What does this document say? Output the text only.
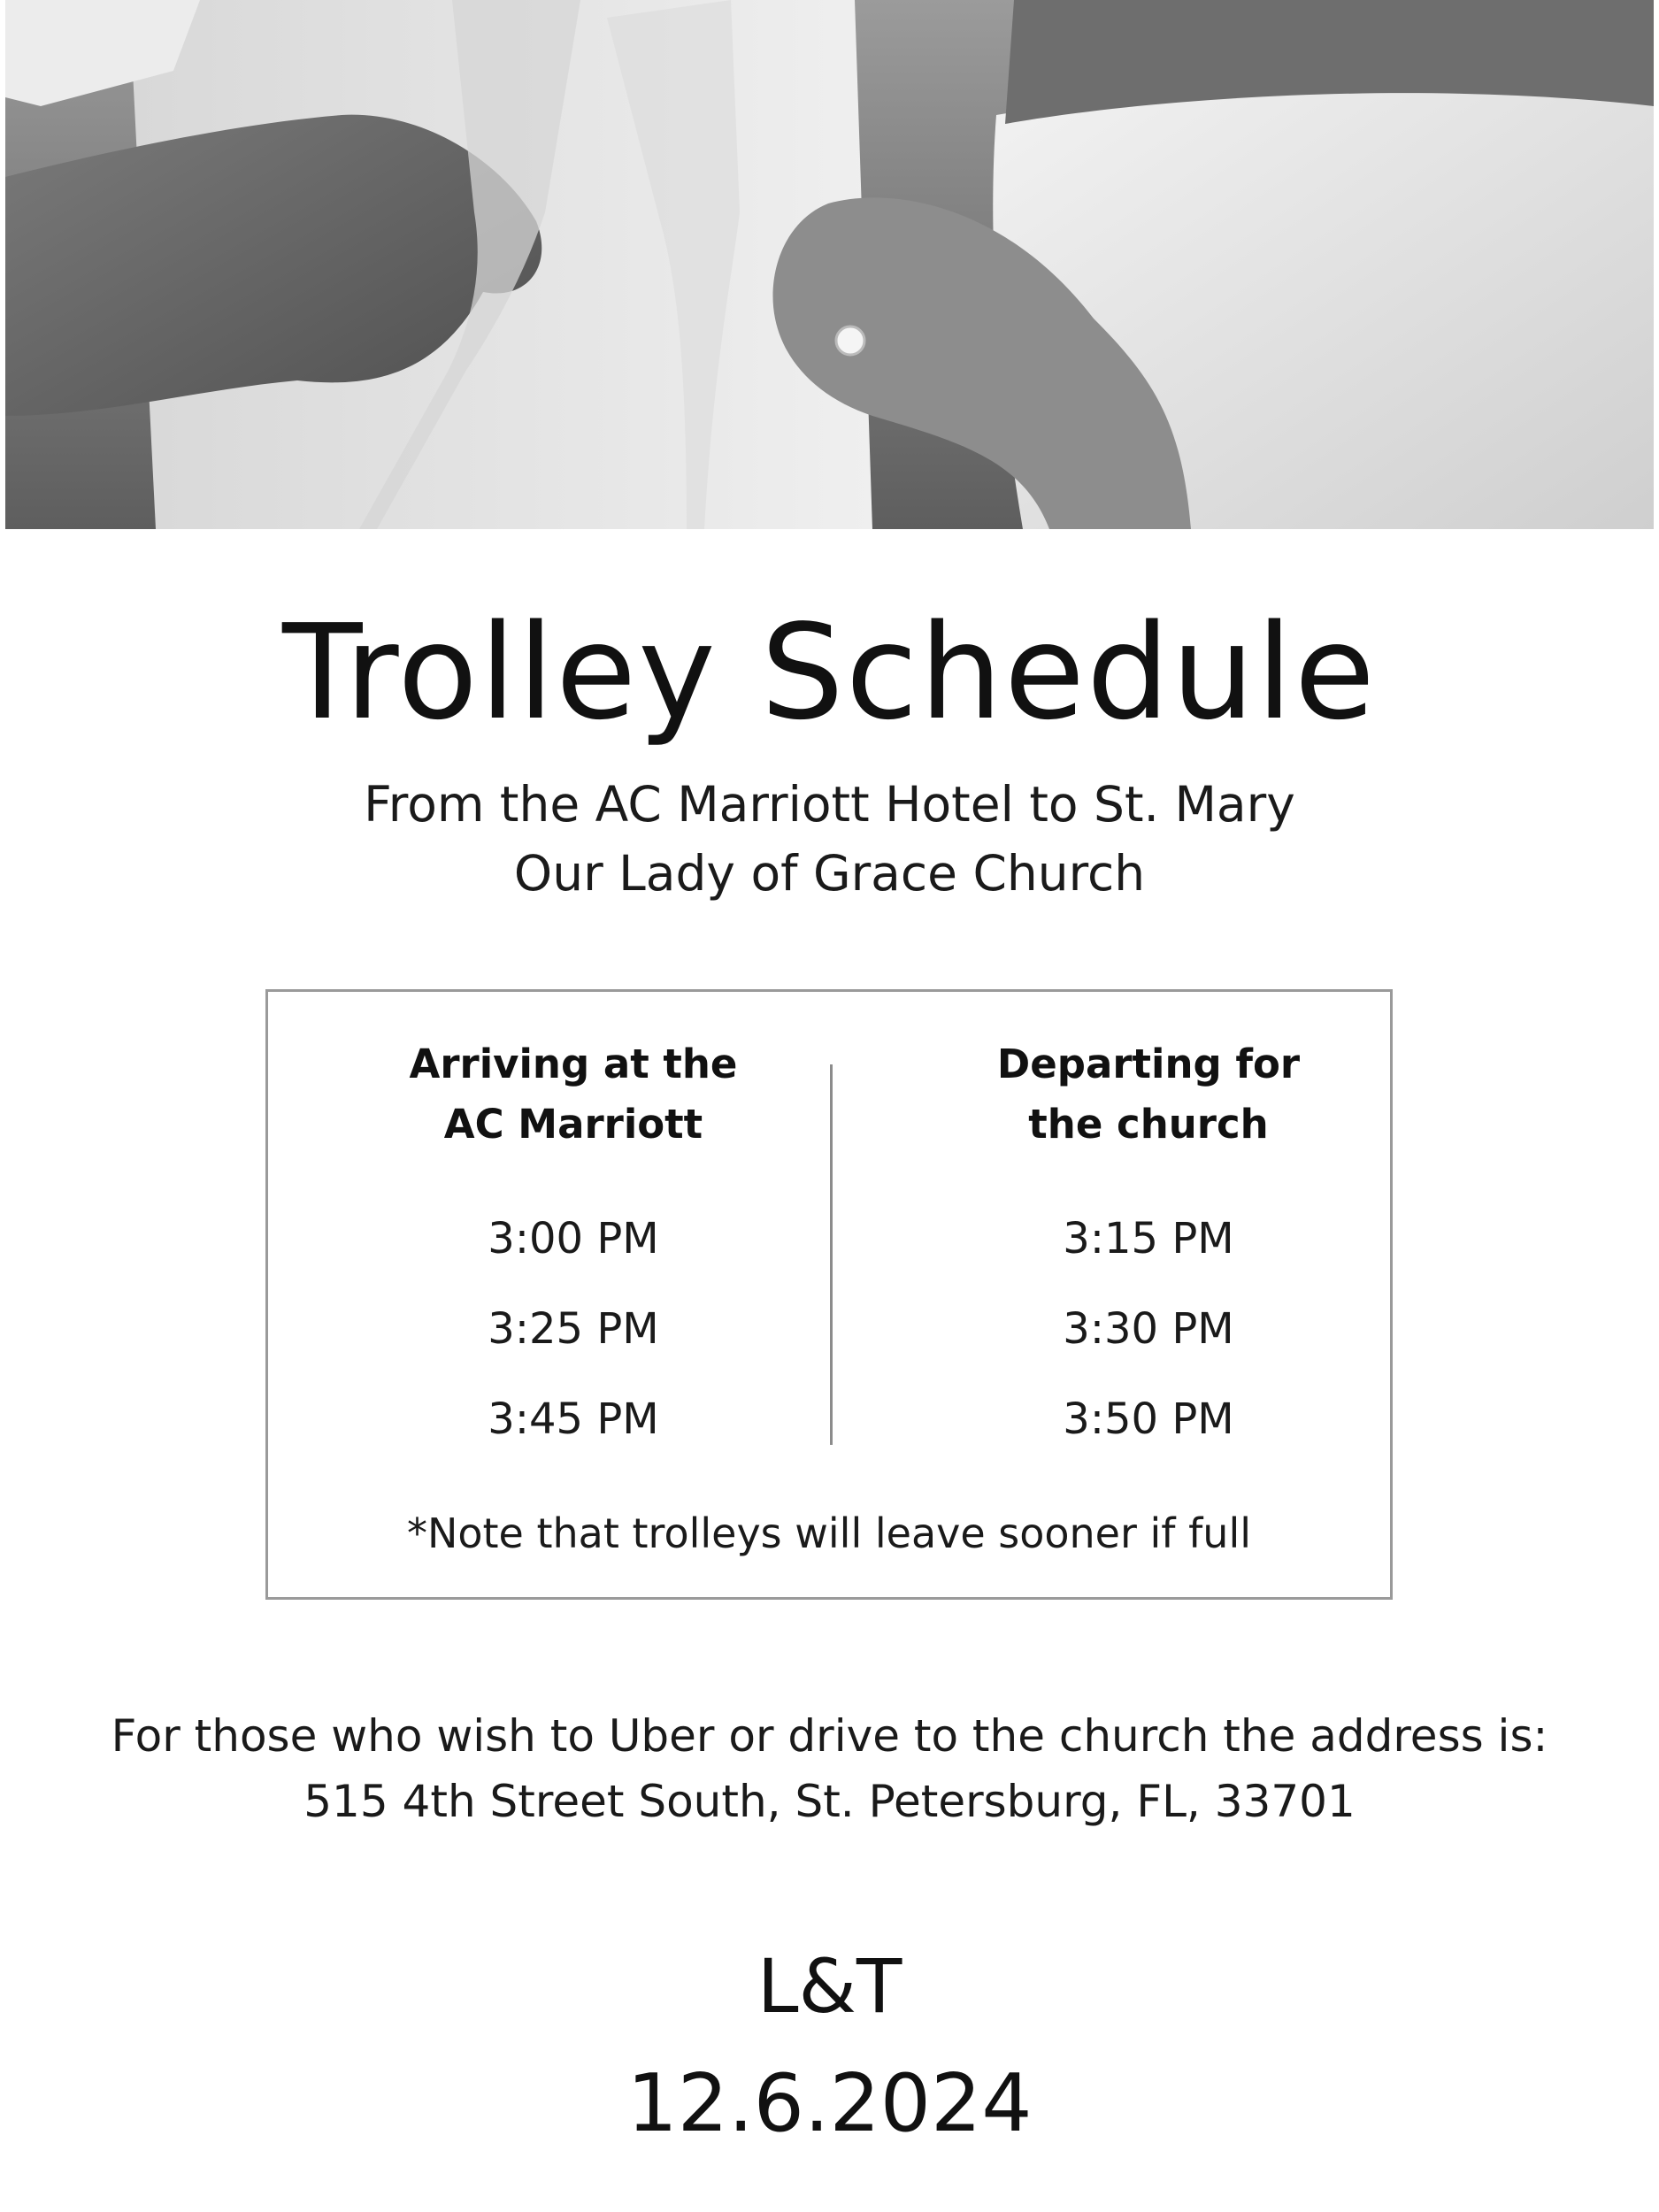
Trolley Schedule
From the AC Marriott Hotel to St. Mary
Our Lady of Grace Church
Arriving at the
AC Marriott
3:00 PM
3:25 PM
3:45 PM
Departing for
the church
3:15 PM
3:30 PM
3:50 PM
*Note that trolleys will leave sooner if full
For those who wish to Uber or drive to the church the address is:
515 4th Street South, St. Petersburg, FL, 33701
L&T
12.6.2024
